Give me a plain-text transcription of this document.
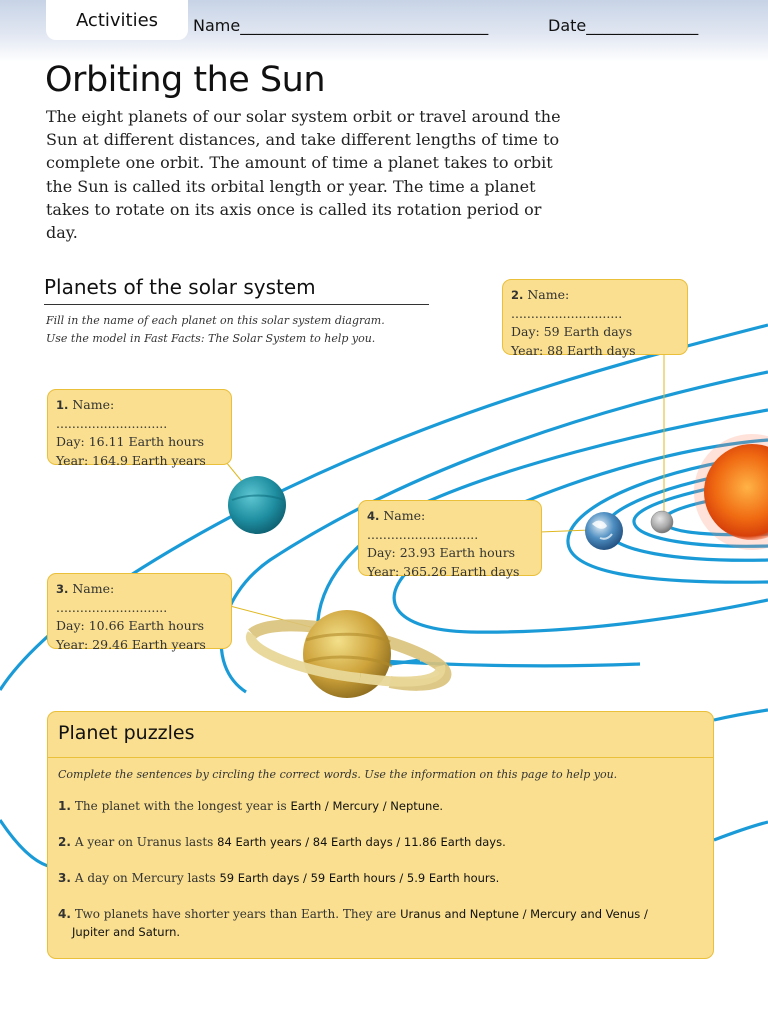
Activities	Name_______________________________	Date______________
Orbiting the Sun

The eight planets of our solar system orbit or travel around the Sun at different distances, and take different lengths of time to complete one orbit. The amount of time a planet takes to orbit the Sun is called its orbital length or year. The time a planet takes to rotate on its axis once is called its rotation period or day.

Planets of the solar system

Fill in the name of each planet on this solar system diagram.
Use the model in Fast Facts: The Solar System to help you.

1. Name: ............................
Day: 16.11 Earth hours
Year: 164.9 Earth years
2. Name: ............................
Day: 59 Earth days
Year: 88 Earth days
3. Name: ............................
Day: 10.66 Earth hours
Year: 29.46 Earth years
4. Name: ............................
Day: 23.93 Earth hours
Year: 365.26 Earth days
Planet puzzles

Complete the sentences by circling the correct words. Use the information on this page to help you.

1. The planet with the longest year is Earth / Mercury / Neptune.

2. A year on Uranus lasts 84 Earth years / 84 Earth days / 11.86 Earth days.

3. A day on Mercury lasts 59 Earth days / 59 Earth hours / 5.9 Earth hours.

4. Two planets have shorter years than Earth. They are Uranus and Neptune / Mercury and Venus / Jupiter and Saturn.
